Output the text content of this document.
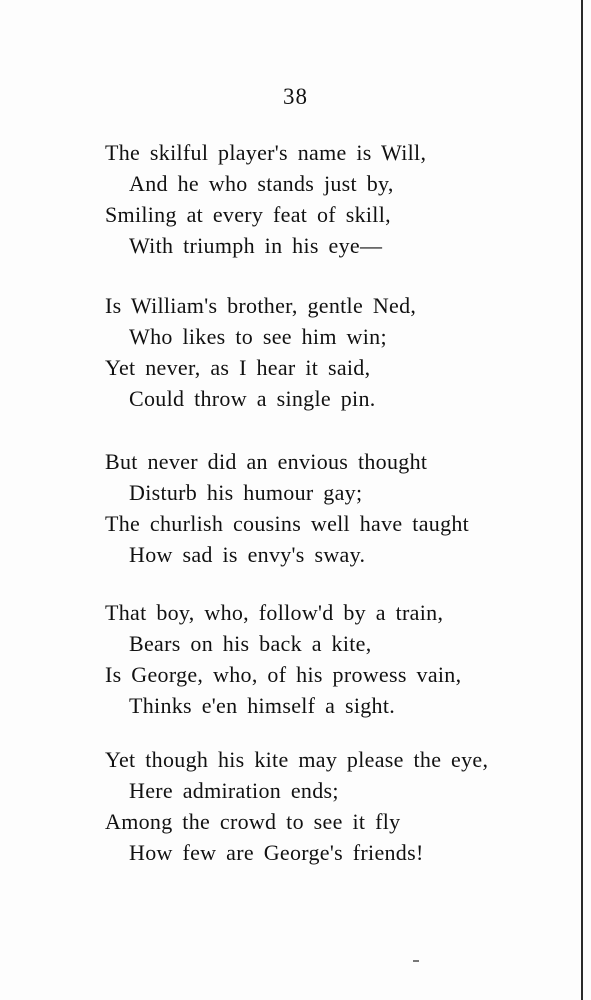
38
The skilful player's name is Will,
And he who stands just by,
Smiling at every feat of skill,
With triumph in his eye—
Is William's brother, gentle Ned,
Who likes to see him win;
Yet never, as I hear it said,
Could throw a single pin.
But never did an envious thought
Disturb his humour gay;
The churlish cousins well have taught
How sad is envy's sway.
That boy, who, follow'd by a train,
Bears on his back a kite,
Is George, who, of his prowess vain,
Thinks e'en himself a sight.
Yet though his kite may please the eye,
Here admiration ends;
Among the crowd to see it fly
How few are George's friends!
